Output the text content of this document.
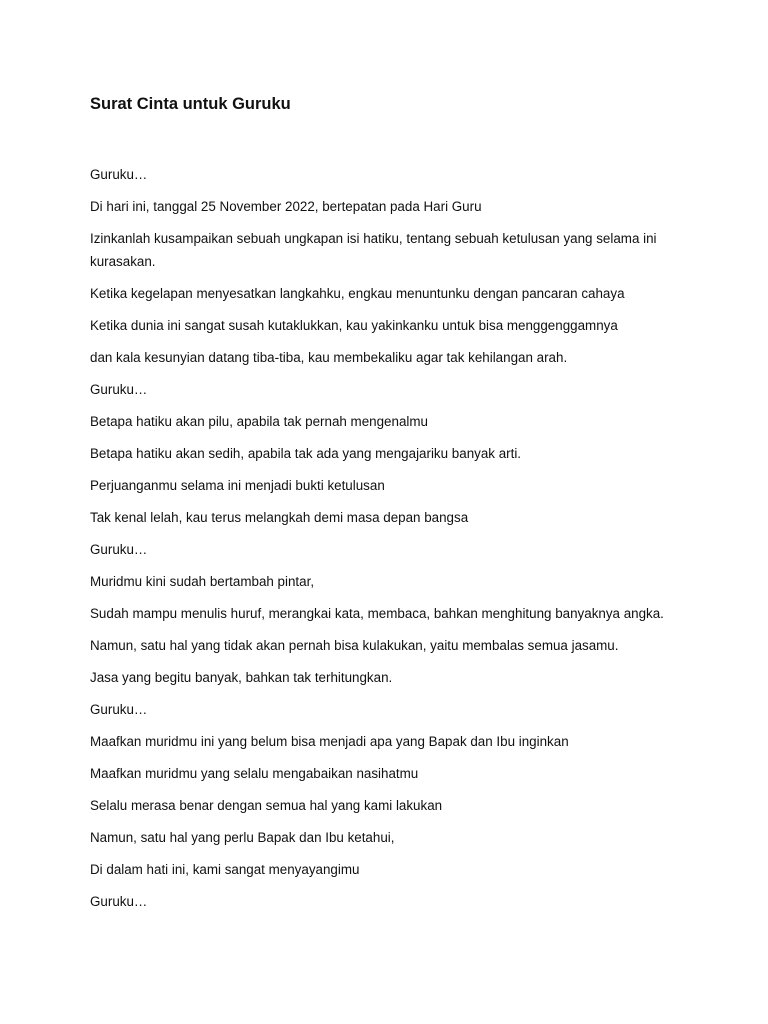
Surat Cinta untuk Guruku

Guruku…

Di hari ini, tanggal 25 November 2022, bertepatan pada Hari Guru

Izinkanlah kusampaikan sebuah ungkapan isi hatiku, tentang sebuah ketulusan yang selama ini kurasakan.

Ketika kegelapan menyesatkan langkahku, engkau menuntunku dengan pancaran cahaya

Ketika dunia ini sangat susah kutaklukkan, kau yakinkanku untuk bisa menggenggamnya

dan kala kesunyian datang tiba-tiba, kau membekaliku agar tak kehilangan arah.

Guruku…

Betapa hatiku akan pilu, apabila tak pernah mengenalmu

Betapa hatiku akan sedih, apabila tak ada yang mengajariku banyak arti.

Perjuanganmu selama ini menjadi bukti ketulusan

Tak kenal lelah, kau terus melangkah demi masa depan bangsa

Guruku…

Muridmu kini sudah bertambah pintar,

Sudah mampu menulis huruf, merangkai kata, membaca, bahkan menghitung banyaknya angka.

Namun, satu hal yang tidak akan pernah bisa kulakukan, yaitu membalas semua jasamu.

Jasa yang begitu banyak, bahkan tak terhitungkan.

Guruku…

Maafkan muridmu ini yang belum bisa menjadi apa yang Bapak dan Ibu inginkan

Maafkan muridmu yang selalu mengabaikan nasihatmu

Selalu merasa benar dengan semua hal yang kami lakukan

Namun, satu hal yang perlu Bapak dan Ibu ketahui,

Di dalam hati ini, kami sangat menyayangimu

Guruku…
